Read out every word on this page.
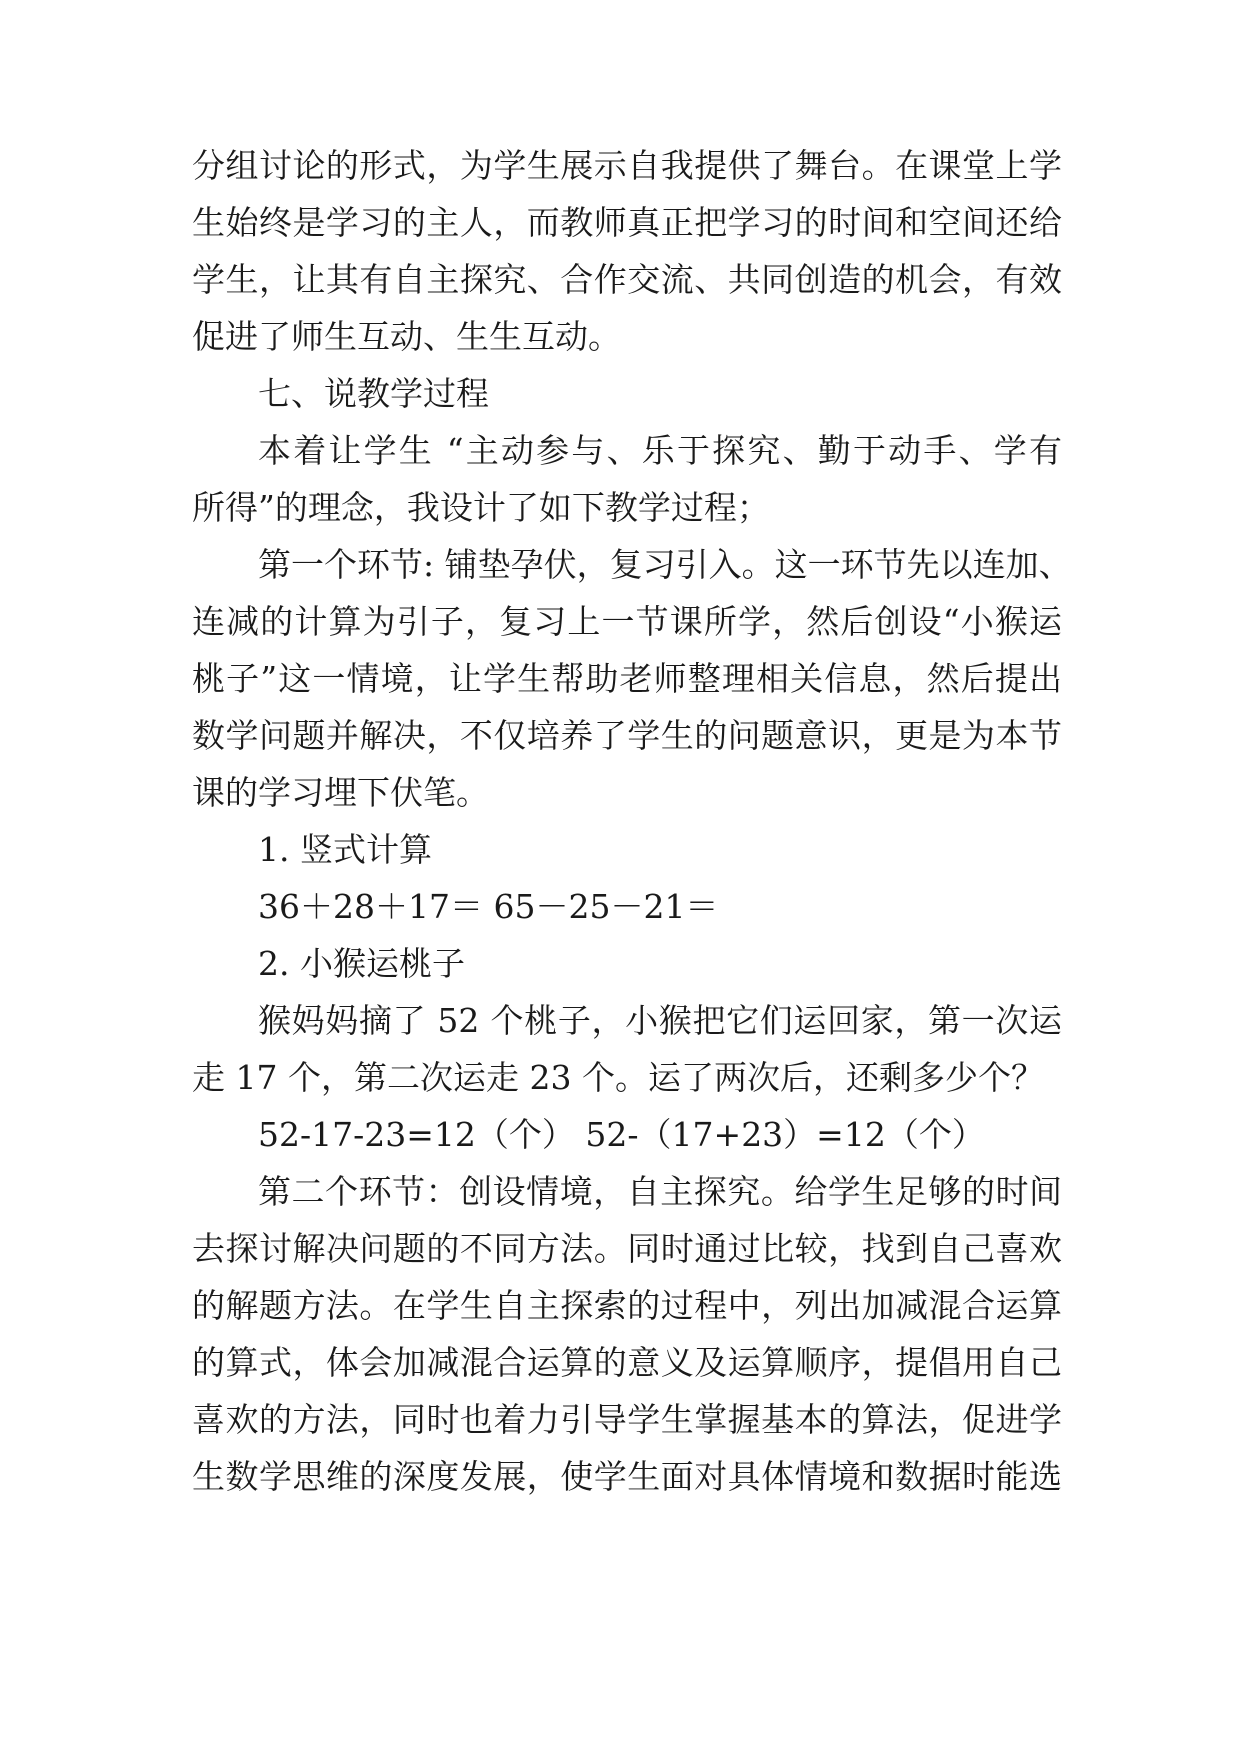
分组讨论的形式，为学生展示自我提供了舞台。在课堂上学
生始终是学习的主人，而教师真正把学习的时间和空间还给
学生，让其有自主探究、合作交流、共同创造的机会，有效
促进了师生互动、生生互动。
七、说教学过程
本着让学生 “主动参与、乐于探究、勤于动手、学有
所得”的理念，我设计了如下教学过程；
第一个环节: 铺垫孕伏，复习引入。这一环节先以连加、
连减的计算为引子，复习上一节课所学，然后创设“小猴运
桃子”这一情境，让学生帮助老师整理相关信息，然后提出
数学问题并解决，不仅培养了学生的问题意识，更是为本节
课的学习埋下伏笔。
1. 竖式计算
36＋28＋17＝ 65－25－21＝
2. 小猴运桃子
猴妈妈摘了 52 个桃子，小猴把它们运回家，第一次运
走 17 个，第二次运走 23 个。运了两次后，还剩多少个？
52-17-23=12（个） 52-（17+23）=12（个）
第二个环节：创设情境，自主探究。给学生足够的时间
去探讨解决问题的不同方法。同时通过比较，找到自己喜欢
的解题方法。在学生自主探索的过程中，列出加减混合运算
的算式，体会加减混合运算的意义及运算顺序，提倡用自己
喜欢的方法，同时也着力引导学生掌握基本的算法，促进学
生数学思维的深度发展，使学生面对具体情境和数据时能选
